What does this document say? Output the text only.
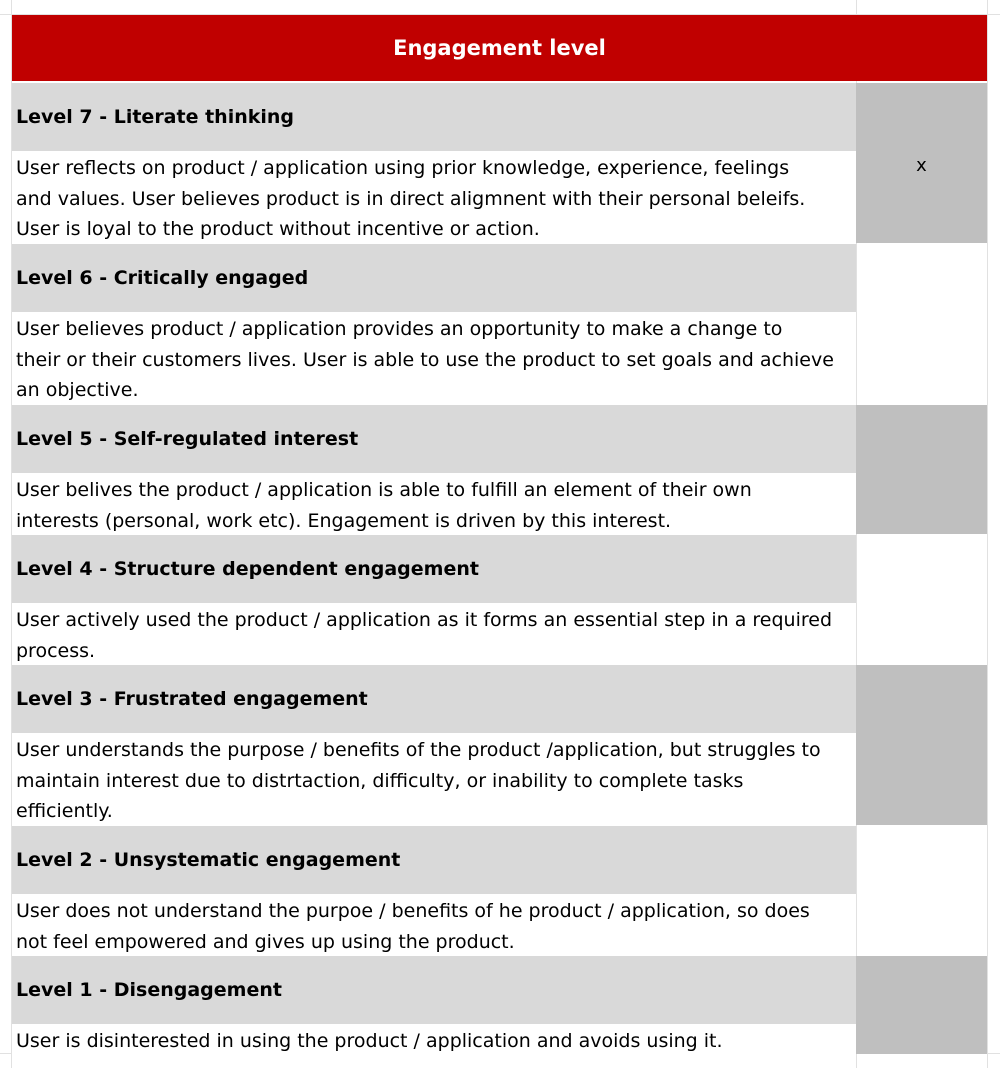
Engagement level
Level 7 - Literate thinking
User reflects on product / application using prior knowledge, experience, feelings
and values. User believes product is in direct aligmnent with their personal beleifs.
User is loyal to the product without incentive or action.
x
Level 6 - Critically engaged
User believes product / application provides an opportunity to make a change to
their or their customers lives. User is able to use the product to set goals and achieve
an objective.
Level 5 - Self-regulated interest
User belives the product / application is able to fulfill an element of their own
interests (personal, work etc). Engagement is driven by this interest.
Level 4 - Structure dependent engagement
User actively used the product / application as it forms an essential step in a required
process.
Level 3 - Frustrated engagement
User understands the purpose / benefits of the product /application, but struggles to
maintain interest due to distrtaction, difficulty, or inability to complete tasks
efficiently.
Level 2 - Unsystematic engagement
User does not understand the purpoe / benefits of he product / application, so does
not feel empowered and gives up using the product.
Level 1 - Disengagement
User is disinterested in using the product / application and avoids using it.
